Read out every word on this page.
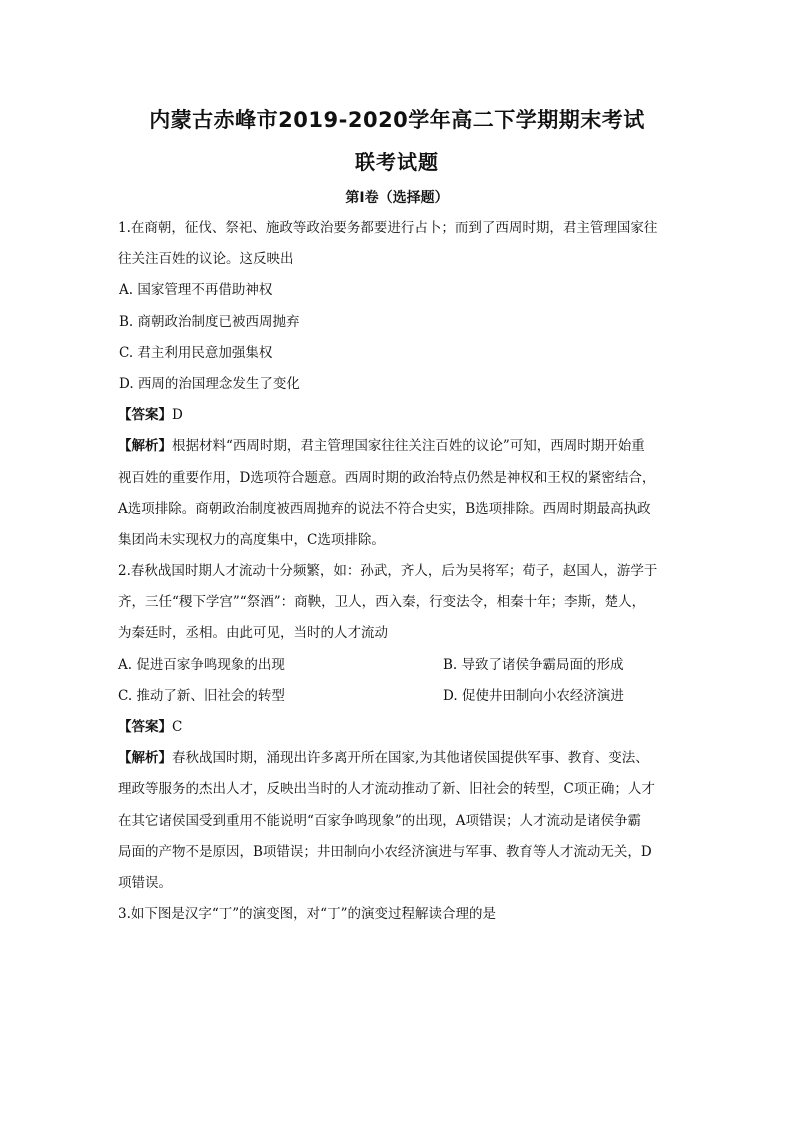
内蒙古赤峰市2019-2020学年高二下学期期末考试
联考试题
第Ⅰ卷（选择题）
1.在商朝，征伐、祭祀、施政等政治要务都要进行占卜；而到了西周时期，君主管理国家往
往关注百姓的议论。这反映出
A. 国家管理不再借助神权
B. 商朝政治制度已被西周抛弃
C. 君主利用民意加强集权
D. 西周的治国理念发生了变化
【答案】D
【解析】根据材料“西周时期，君主管理国家往往关注百姓的议论”可知，西周时期开始重
视百姓的重要作用，D选项符合题意。西周时期的政治特点仍然是神权和王权的紧密结合，
A选项排除。商朝政治制度被西周抛弃的说法不符合史实，B选项排除。西周时期最高执政
集团尚未实现权力的高度集中，C选项排除。
2.春秋战国时期人才流动十分频繁，如：孙武，齐人，后为吴将军；荀子，赵国人，游学于
齐，三任“稷下学宫”“祭酒”：商鞅，卫人，西入秦，行变法令，相秦十年；李斯，楚人，
为秦廷时，丞相。由此可见，当时的人才流动
A. 促进百家争鸣现象的出现	B. 导致了诸侯争霸局面的形成
C. 推动了新、旧社会的转型	D. 促使井田制向小农经济演进
【答案】C
【解析】春秋战国时期，涌现出许多离开所在国家,为其他诸侯国提供军事、教育、变法、
理政等服务的杰出人才，反映出当时的人才流动推动了新、旧社会的转型，C项正确；人才
在其它诸侯国受到重用不能说明“百家争鸣现象”的出现，A项错误；人才流动是诸侯争霸
局面的产物不是原因，B项错误；井田制向小农经济演进与军事、教育等人才流动无关，D
项错误。
3.如下图是汉字“丁”的演变图，对“丁”的演变过程解读合理的是
